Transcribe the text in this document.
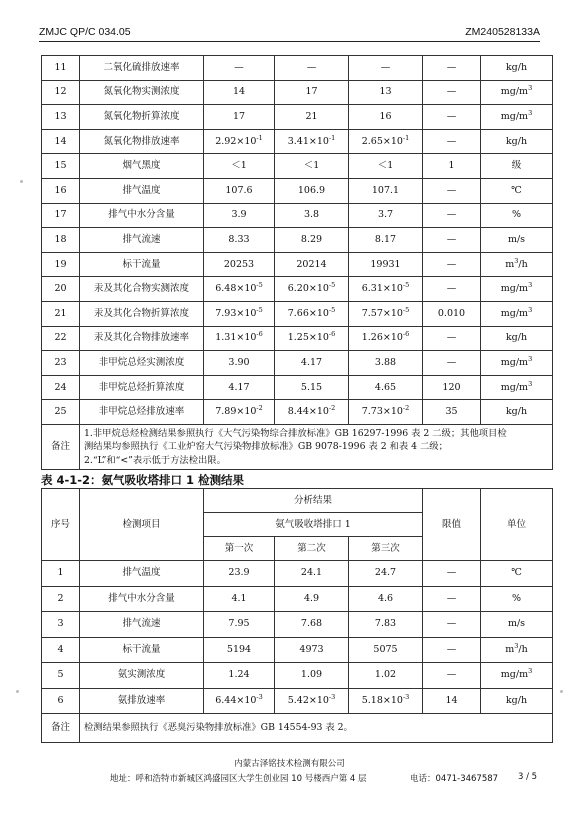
ZMJC QP/C 034.05	ZM240528133A
11	二氧化硫排放速率	—	—	—	—	kg/h
12	氮氧化物实测浓度	14	17	13	—	$mg/m^3$
13	氮氧化物折算浓度	17	21	16	—	$mg/m^3$
14	氮氧化物排放速率	$2.92\times 10^{-1}$	$3.41\times 10^{-1}$	$2.65\times 10^{-1}$	—	kg/h
15	烟气黑度	＜1	＜1	＜1	1	级
16	排气温度	107.6	106.9	107.1	—	℃
17	排气中水分含量	3.9	3.8	3.7	—	%
18	排气流速	8.33	8.29	8.17	—	m/s
19	标干流量	20253	20214	19931	—	$m^3/h$
20	汞及其化合物实测浓度	$6.48\times 10^{-5}$	$6.20\times 10^{-5}$	$6.31\times 10^{-5}$	—	$mg/m^3$
21	汞及其化合物折算浓度	$7.93\times 10^{-5}$	$7.66\times 10^{-5}$	$7.57\times 10^{-5}$	0.010	$mg/m^3$
22	汞及其化合物排放速率	$1.31\times 10^{-6}$	$1.25\times 10^{-6}$	$1.26\times 10^{-6}$	—	kg/h
23	非甲烷总烃实测浓度	3.90	4.17	3.88	—	$mg/m^3$
24	非甲烷总烃折算浓度	4.17	5.15	4.65	120	$mg/m^3$
25	非甲烷总烃排放速率	$7.89\times 10^{-2}$	$8.44\times 10^{-2}$	$7.73\times 10^{-2}$	35	kg/h
备注	1.非甲烷总烃检测结果参照执行《大气污染物综合排放标准》GB 16297-1996 表 2 二级；其他项目检
测结果均参照执行《工业炉窑大气污染物排放标准》GB 9078-1996 表 2 和表 4 二级；
2.“L”和“<”表示低于方法检出限。					
表 4-1-2：氨气吸收塔排口 1 检测结果
序号	检测项目	分析结果			限值	单位
		氨气吸收塔排口 1				
		第一次	第二次	第三次		
1	排气温度	23.9	24.1	24.7	—	℃
2	排气中水分含量	4.1	4.9	4.6	—	%
3	排气流速	7.95	7.68	7.83	—	m/s
4	标干流量	5194	4973	5075	—	$m^3/h$
5	氨实测浓度	1.24	1.09	1.02	—	$mg/m^3$
6	氨排放速率	$6.44\times 10^{-3}$	$5.42\times 10^{-3}$	$5.18\times 10^{-3}$	14	kg/h
备注	检测结果参照执行《恶臭污染物排放标准》GB 14554-93 表 2。					
内蒙古泽铭技术检测有限公司
地址：呼和浩特市新城区鸿盛园区大学生创业园 10 号楼西户第 4 层	电话：0471-3467587	3 / 5
